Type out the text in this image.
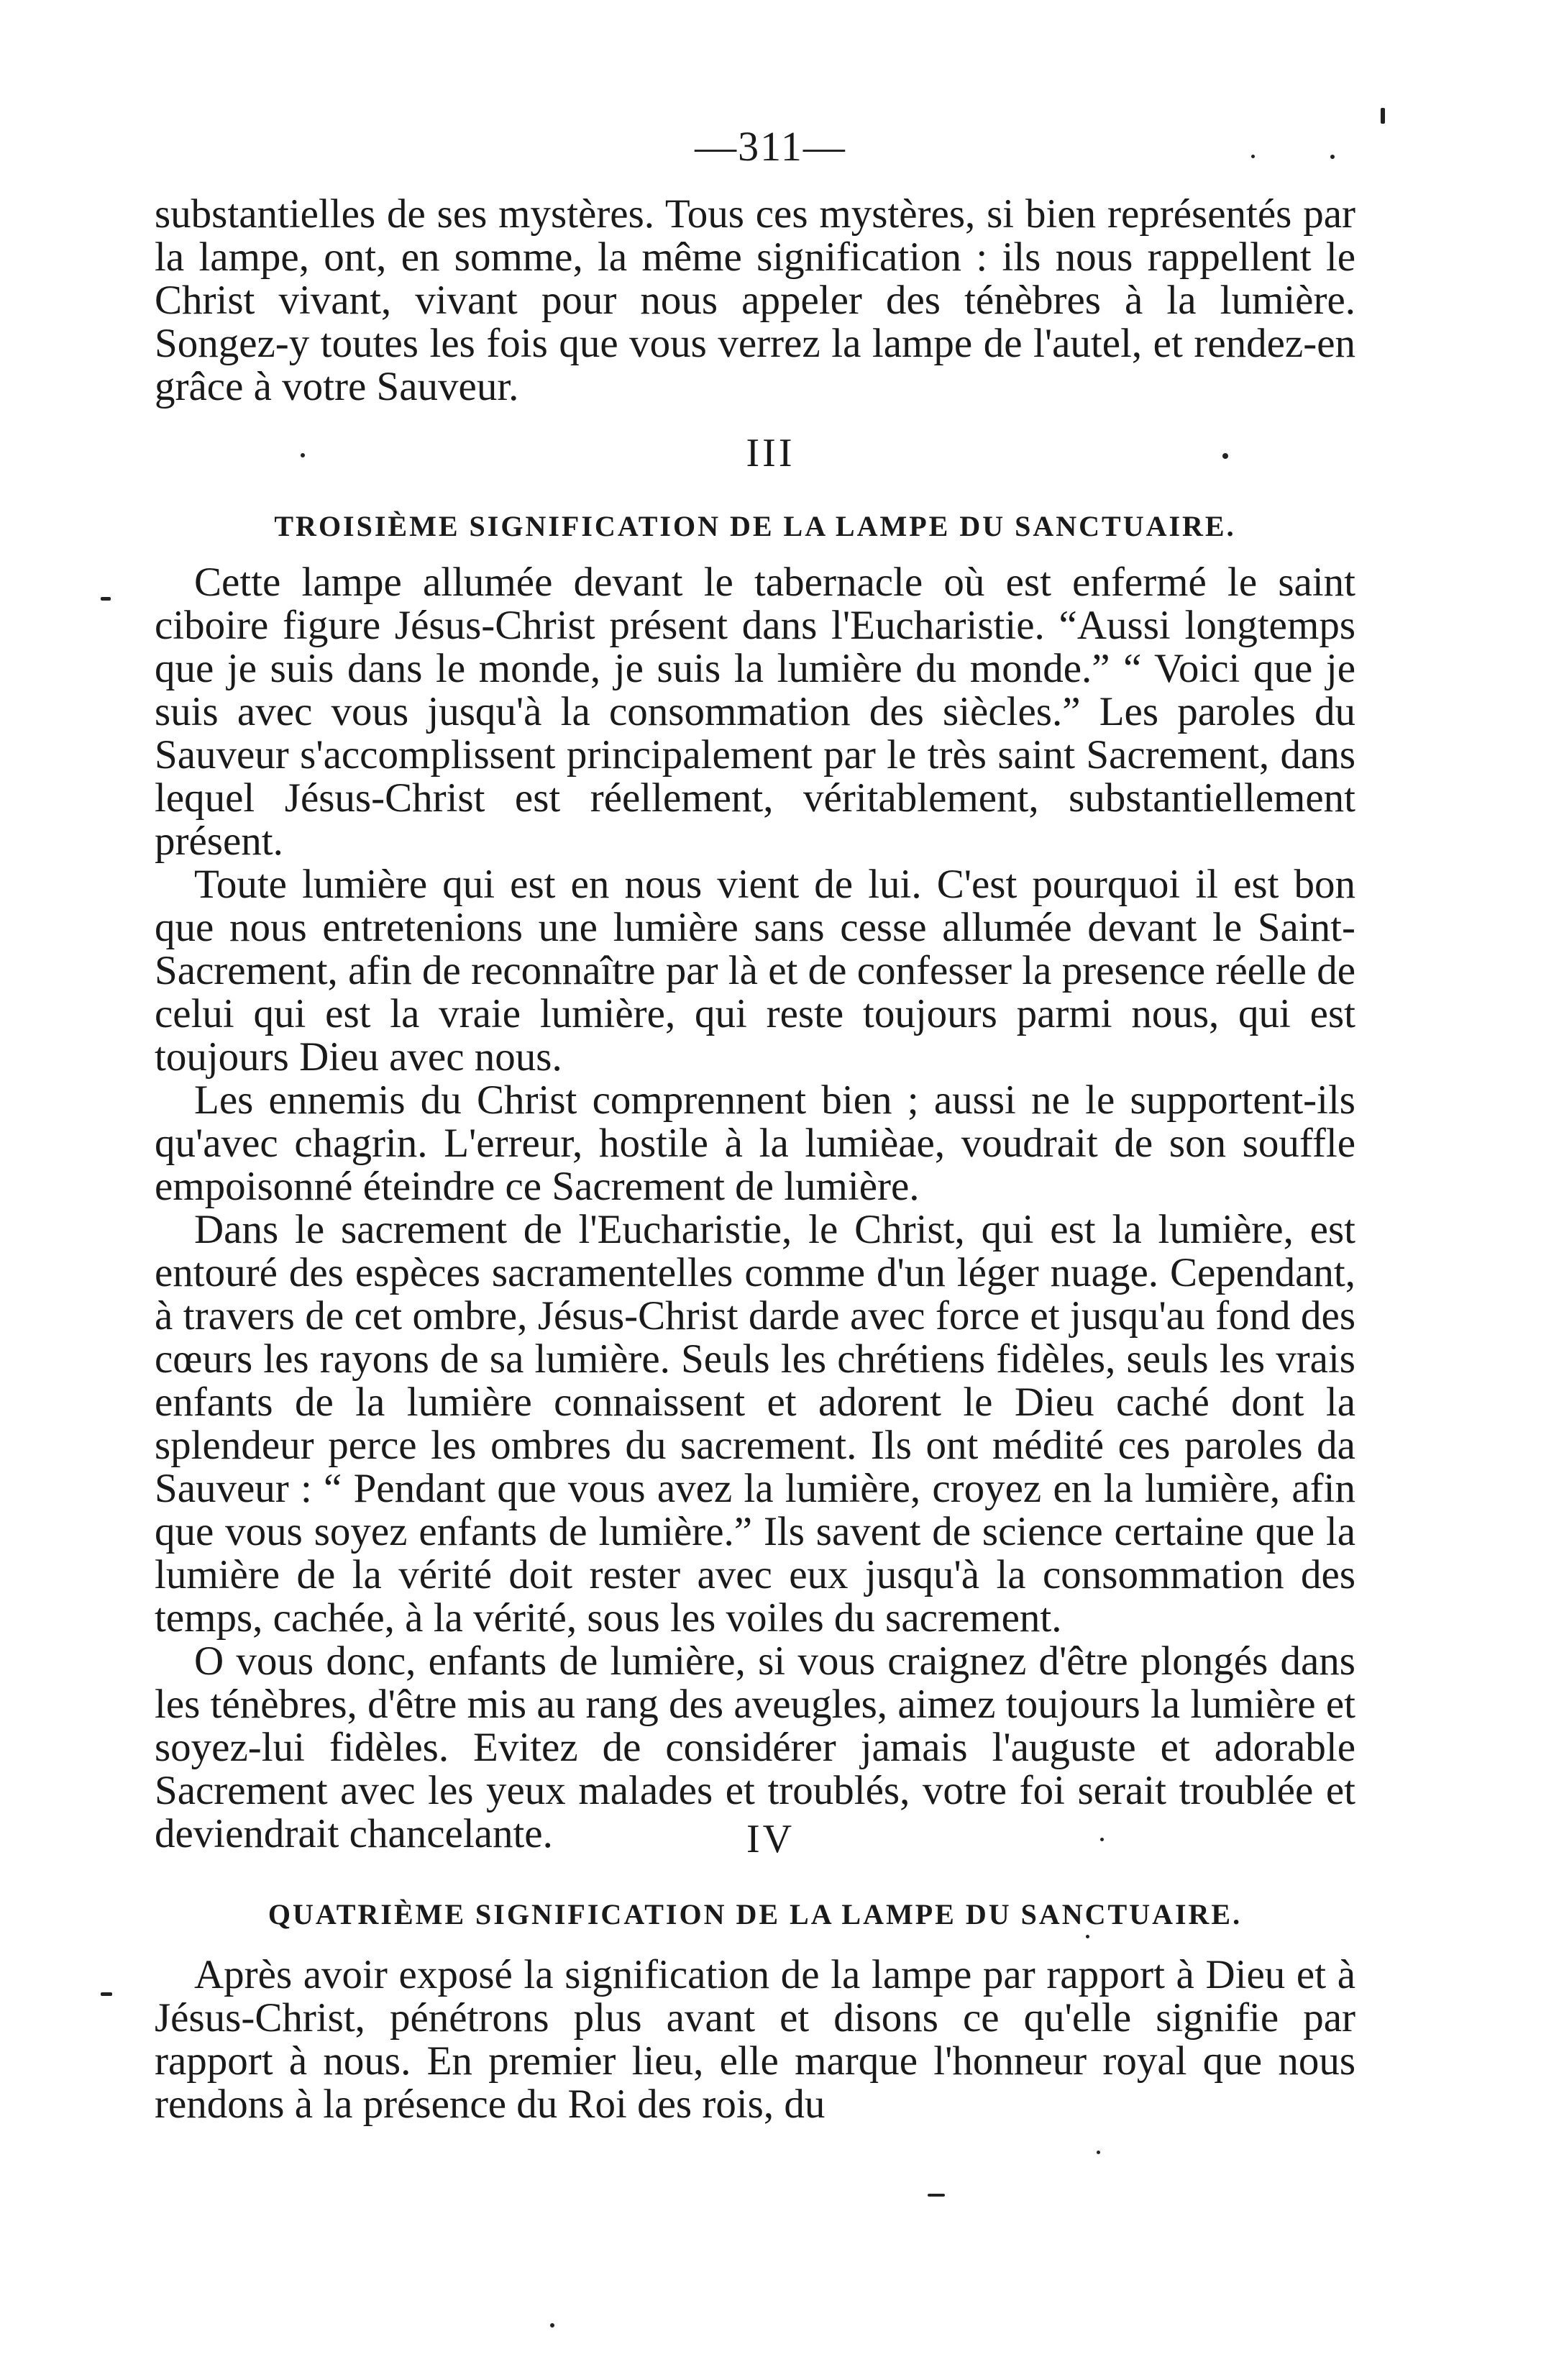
—311—

substantielles de ses mystères. Tous ces mystères, si bien représentés par la lampe, ont, en somme, la même signification : ils nous rappellent le Christ vivant, vivant pour nous appeler des ténèbres à la lumière. Songez-y toutes les fois que vous verrez la lampe de l'autel, et rendez-en grâce à votre Sauveur.

III
TROISIÈME SIGNIFICATION DE LA LAMPE DU SANCTUAIRE.

Cette lampe allumée devant le tabernacle où est enfermé le saint ciboire figure Jésus-Christ présent dans l'Eucharistie. “Aussi longtemps que je suis dans le monde, je suis la lumière du monde.” “ Voici que je suis avec vous jusqu'à la consommation des siècles.” Les paroles du Sauveur s'accomplissent principalement par le très saint Sacrement, dans lequel Jésus-Christ est réellement, véritablement, substantiellement présent.

Toute lumière qui est en nous vient de lui. C'est pourquoi il est bon que nous entretenions une lumière sans cesse allumée devant le Saint-Sacrement, afin de reconnaître par là et de confesser la presence réelle de celui qui est la vraie lumière, qui reste toujours parmi nous, qui est toujours Dieu avec nous.

Les ennemis du Christ comprennent bien ; aussi ne le supportent-ils qu'avec chagrin. L'erreur, hostile à la lumièae, voudrait de son souffle empoisonné éteindre ce Sacrement de lumière.

Dans le sacrement de l'Eucharistie, le Christ, qui est la lumière, est entouré des espèces sacramentelles comme d'un léger nuage. Cependant, à travers de cet ombre, Jésus-Christ darde avec force et jusqu'au fond des cœurs les rayons de sa lumière. Seuls les chrétiens fidèles, seuls les vrais enfants de la lumière connaissent et adorent le Dieu caché dont la splendeur perce les ombres du sacrement. Ils ont médité ces paroles da Sauveur : “ Pendant que vous avez la lumière, croyez en la lumière, afin que vous soyez enfants de lumière.” Ils savent de science certaine que la lumière de la vérité doit rester avec eux jusqu'à la consommation des temps, cachée, à la vérité, sous les voiles du sacrement.

O vous donc, enfants de lumière, si vous craignez d'être plongés dans les ténèbres, d'être mis au rang des aveugles, aimez toujours la lumière et soyez-lui fidèles. Evitez de considérer jamais l'auguste et adorable Sacrement avec les yeux malades et troublés, votre foi serait troublée et deviendrait chancelante.	IV
QUATRIÈME SIGNIFICATION DE LA LAMPE DU SANCTUAIRE.

Après avoir exposé la signification de la lampe par rapport à Dieu et à Jésus-Christ, pénétrons plus avant et disons ce qu'elle signifie par rapport à nous. En premier lieu, elle marque l'honneur royal que nous rendons à la présence du Roi des rois, du
